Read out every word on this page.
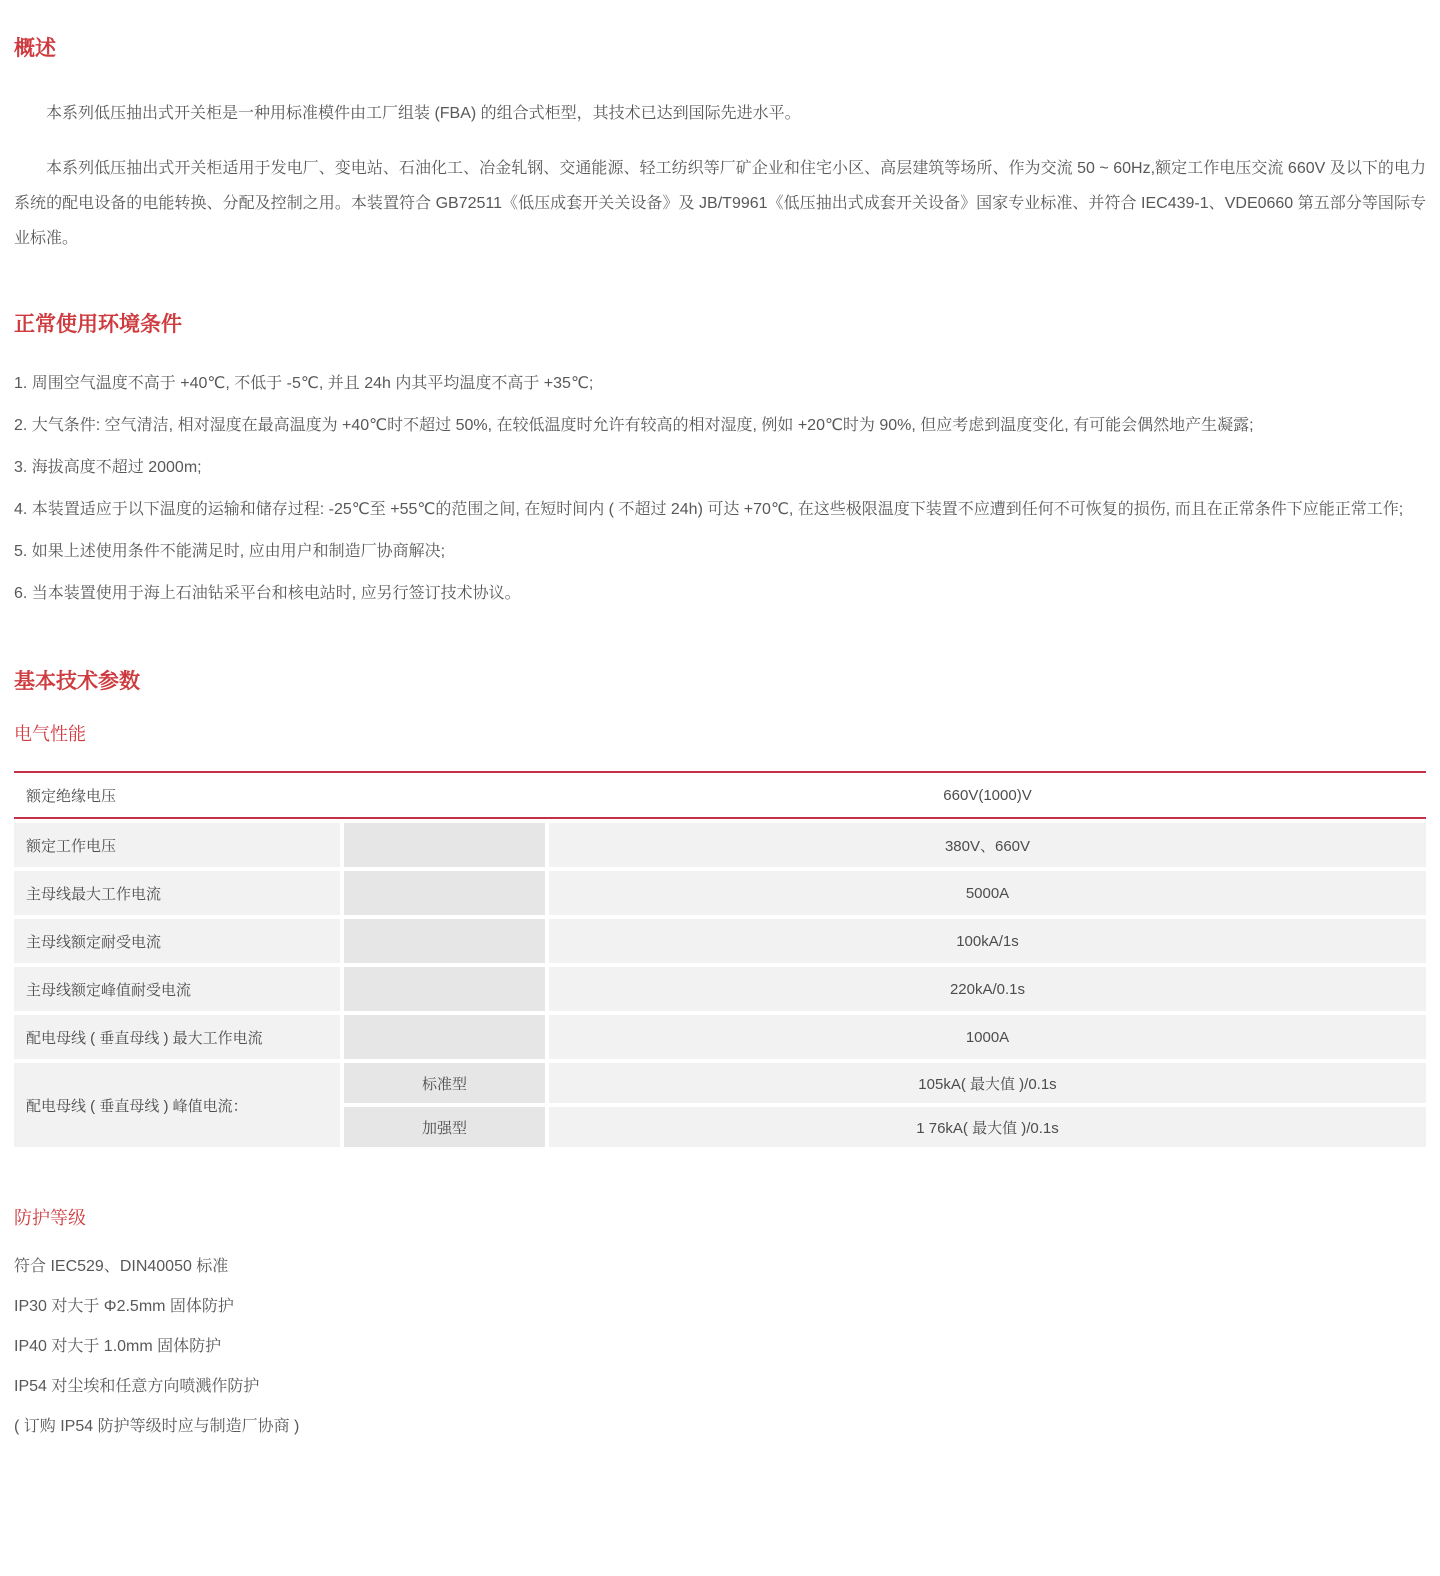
概述

本系列低压抽出式开关柜是一种用标准模件由工厂组装 (FBA) 的组合式柜型，其技术已达到国际先进水平。

本系列低压抽出式开关柜适用于发电厂、变电站、石油化工、冶金轧钢、交通能源、轻工纺织等厂矿企业和住宅小区、高层建筑等场所、作为交流 50 ~ 60Hz,额定工作电压交流 660V 及以下的电力系统的配电设备的电能转换、分配及控制之用。本装置符合 GB72511《低压成套开关关设备》及 JB/T9961《低压抽出式成套开关设备》国家专业标准、并符合 IEC439-1、VDE0660 第五部分等国际专业标准。

正常使用环境条件

1. 周围空气温度不高于 +40℃, 不低于 -5℃, 并且 24h 内其平均温度不高于 +35℃;

2. 大气条件: 空气清洁, 相对湿度在最高温度为 +40℃时不超过 50%, 在较低温度时允许有较高的相对湿度, 例如 +20℃时为 90%, 但应考虑到温度变化, 有可能会偶然地产生凝露;

3. 海拔高度不超过 2000m;

4. 本装置适应于以下温度的运输和储存过程: -25℃至 +55℃的范围之间, 在短时间内 ( 不超过 24h) 可达 +70℃, 在这些极限温度下装置不应遭到任何不可恢复的损伤, 而且在正常条件下应能正常工作;

5. 如果上述使用条件不能满足时, 应由用户和制造厂协商解决;

6. 当本装置使用于海上石油钻采平台和核电站时, 应另行签订技术协议。

基本技术参数
电气性能
额定绝缘电压	660V(1000)V
额定工作电压	380V、660V
主母线最大工作电流	5000A
主母线额定耐受电流	100kA/1s
主母线额定峰值耐受电流	220kA/0.1s
配电母线 ( 垂直母线 ) 最大工作电流	1000A
配电母线 ( 垂直母线 ) 峰值电流：
标准型	105kA( 最大值 )/0.1s
加强型	1 76kA( 最大值 )/0.1s
防护等级

符合 IEC529、DIN40050 标准

IP30 对大于 Φ2.5mm 固体防护

IP40 对大于 1.0mm 固体防护

IP54 对尘埃和任意方向喷溅作防护

( 订购 IP54 防护等级时应与制造厂协商 )
